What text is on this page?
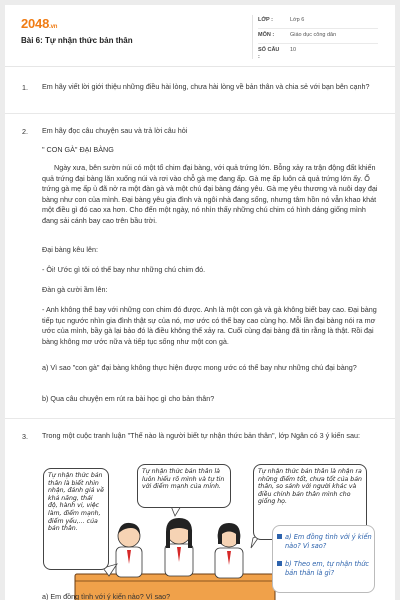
2048.vn
Bài 6: Tự nhận thức bản thân
LỚP :	Lớp 6
MÔN :	Giáo dục công dân
SỐ CÂU :
10
1. Em hãy viết lời giới thiệu những điều hài lòng, chưa hài lòng về bản thân và chia sẻ với bạn bên cạnh?
2. Em hãy đọc câu chuyện sau và trả lời câu hỏi
" CON GÀ" ĐẠI BÀNG
Ngày xưa, bên sườn núi có một tổ chim đại bàng, với quả trứng lớn. Bỗng xảy ra trận động đất khiến quả trứng đại bàng lăn xuống núi và rơi vào chỗ gà mẹ đang ấp. Gà mẹ ấp luôn cả quả trứng lớn ấy. Ổ trứng gà mẹ ấp ủ đã nở ra một đàn gà và một chú đại bàng đáng yêu. Gà mẹ yêu thương và nuôi dạy đại bàng như con của mình. Đại bàng yêu gia đình và ngôi nhà đang sống, nhưng tâm hồn nó vẫn khao khát một điều gì đó cao xa hơn. Cho đến một ngày, nó nhìn thấy những chú chim có hình dáng giống mình đang sải cánh bay cao trên bầu trời.
Đại bàng kêu lên:
- Ôi! Ước gì tôi có thể bay như những chú chim đó.
Đàn gà cười ầm lên:
- Anh không thể bay với những con chim đó được. Anh là một con gà và gà không biết bay cao. Đại bàng tiếp tục ngước nhìn gia đình thật sự của nó, mơ ước có thể bay cao cùng họ. Mỗi lần đại bàng nói ra mơ ước của mình, bầy gà lại bảo đó là điều không thể xảy ra. Cuối cùng đại bàng đã tin rằng là thật. Rồi đại bàng không mơ ước nữa và tiếp tục sống như một con gà.
a) Vì sao "con gà" đại bàng không thực hiện được mong ước có thể bay như những chú đại bàng?
b) Qua câu chuyện em rút ra bài học gì cho bản thân?
3. Trong một cuộc tranh luận "Thế nào là người biết tự nhận thức bản thân", lớp Ngân có 3 ý kiến sau:
Tự nhận thức bản thân là biết nhìn nhận, đánh giá về khả năng, thái độ, hành vi, việc làm, điểm mạnh, điểm yếu,... của bản thân.
Tự nhận thức bản thân là luôn hiểu rõ mình và tự tin với điểm mạnh của mình.
Tự nhận thức bản thân là nhận ra những điểm tốt, chưa tốt của bản thân, so sánh với người khác và điều chỉnh bản thân mình cho giống họ.
a) Em đồng tình với ý kiến nào? Vì sao?
b) Theo em, tự nhận thức bản thân là gì?
a) Em đồng tình với ý kiến nào? Vì sao?
